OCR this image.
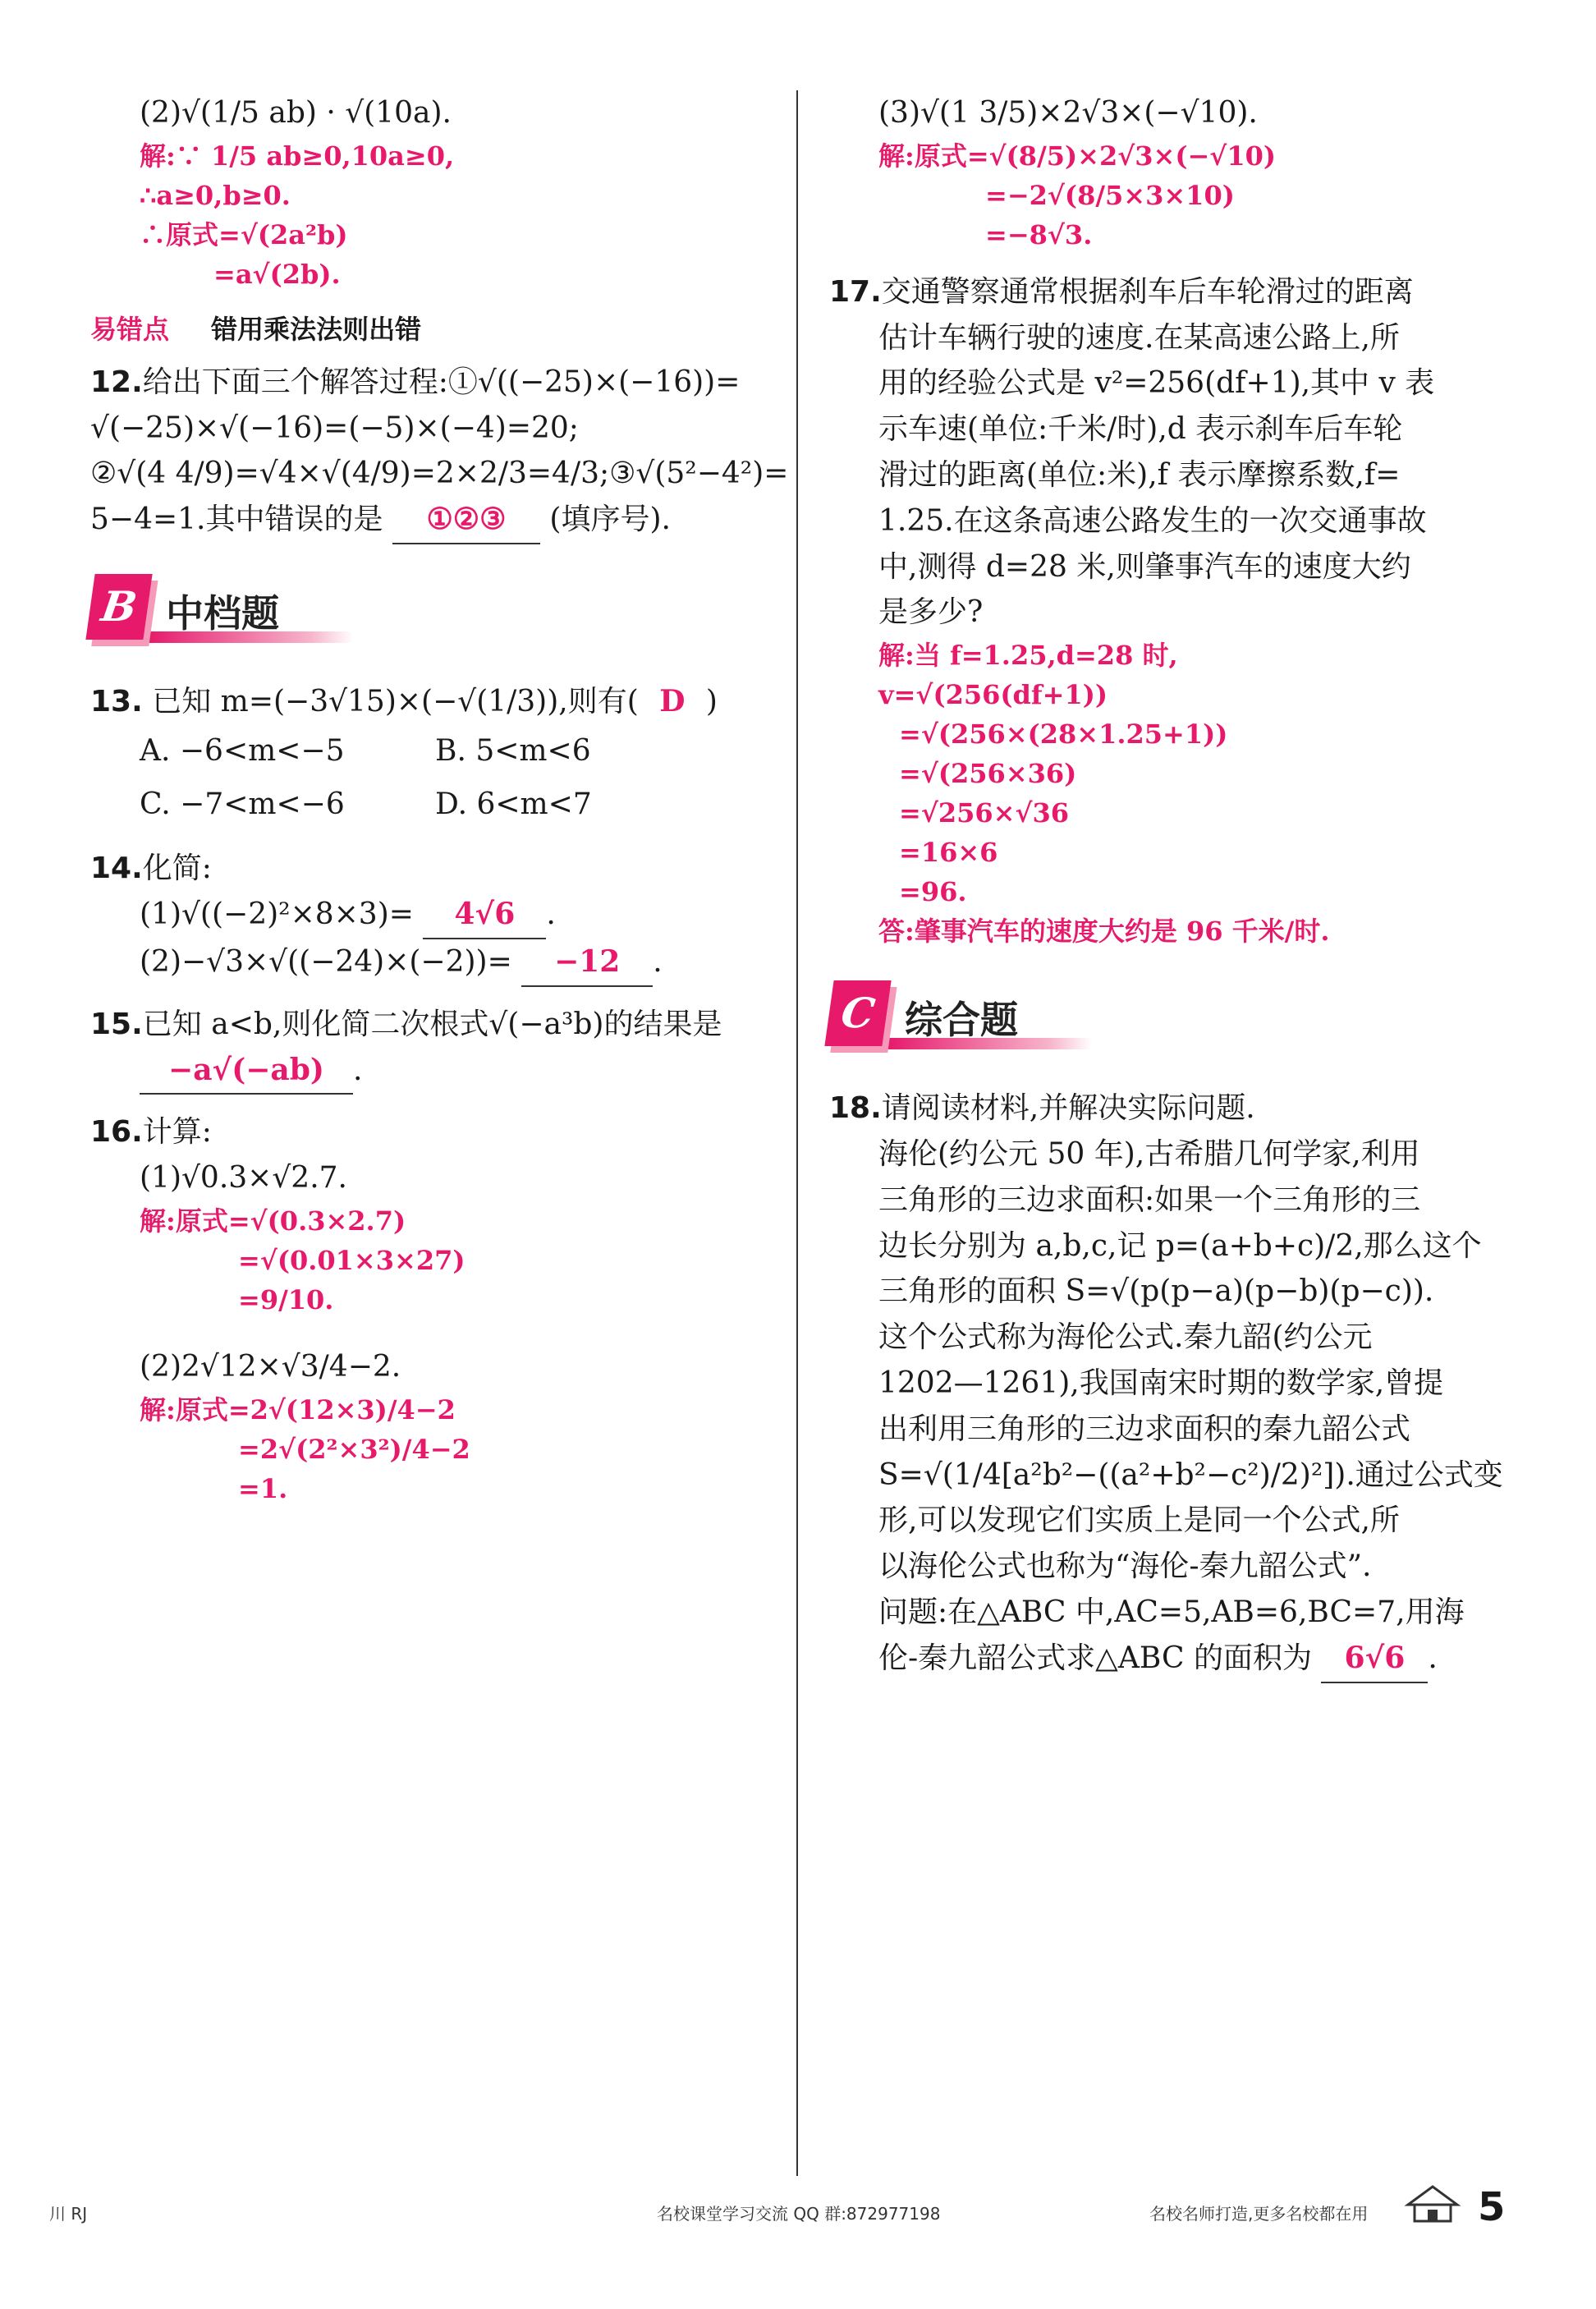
(2)√(1/5 ab) · √(10a).
解:∵ 1/5 ab≥0,10a≥0,
∴a≥0,b≥0.
∴原式=√(2a²b)
=a√(2b).
易错点 错用乘法法则出错
12.给出下面三个解答过程:①√((−25)×(−16))=
√(−25)×√(−16)=(−5)×(−4)=20;
②√(4 4/9)=√4×√(4/9)=2×2/3=4/3;③√(5²−4²)=
5−4=1.其中错误的是 ①②③ (填序号).
B 中档题
13. 已知 m=(−3√15)×(−√(1/3)),则有( D )
A. −6<m<−5	B. 5<m<6
C. −7<m<−6	D. 6<m<7
14.化简:
(1)√((−2)²×8×3)= 4√6 .
(2)−√3×√((−24)×(−2))= −12 .
15.已知 a<b,则化简二次根式√(−a³b)的结果是
−a√(−ab) .
16.计算:
(1)√0.3×√2.7.
解:原式=√(0.3×2.7)
=√(0.01×3×27)
=9/10.
(2)2√12×√3/4−2.
解:原式=2√(12×3)/4−2
=2√(2²×3²)/4−2
=1.
(3)√(1 3/5)×2√3×(−√10).
解:原式=√(8/5)×2√3×(−√10)
=−2√(8/5×3×10)
=−8√3.
17.交通警察通常根据刹车后车轮滑过的距离
估计车辆行驶的速度.在某高速公路上,所
用的经验公式是 v²=256(df+1),其中 v 表
示车速(单位:千米/时),d 表示刹车后车轮
滑过的距离(单位:米),f 表示摩擦系数,f=
1.25.在这条高速公路发生的一次交通事故
中,测得 d=28 米,则肇事汽车的速度大约
是多少?
解:当 f=1.25,d=28 时,
v=√(256(df+1))
=√(256×(28×1.25+1))
=√(256×36)
=√256×√36
=16×6
=96.
答:肇事汽车的速度大约是 96 千米/时.
C 综合题
18.请阅读材料,并解决实际问题.
海伦(约公元 50 年),古希腊几何学家,利用
三角形的三边求面积:如果一个三角形的三
边长分别为 a,b,c,记 p=(a+b+c)/2,那么这个
三角形的面积 S=√(p(p−a)(p−b)(p−c)).
这个公式称为海伦公式.秦九韶(约公元
1202—1261),我国南宋时期的数学家,曾提
出利用三角形的三边求面积的秦九韶公式
S=√(1/4[a²b²−((a²+b²−c²)/2)²]).通过公式变
形,可以发现它们实质上是同一个公式,所
以海伦公式也称为“海伦-秦九韶公式”.
问题:在△ABC 中,AC=5,AB=6,BC=7,用海
伦-秦九韶公式求△ABC 的面积为 6√6 .
川 RJ	名校课堂学习交流 QQ 群:872977198	名校名师打造,更多名校都在用	5
